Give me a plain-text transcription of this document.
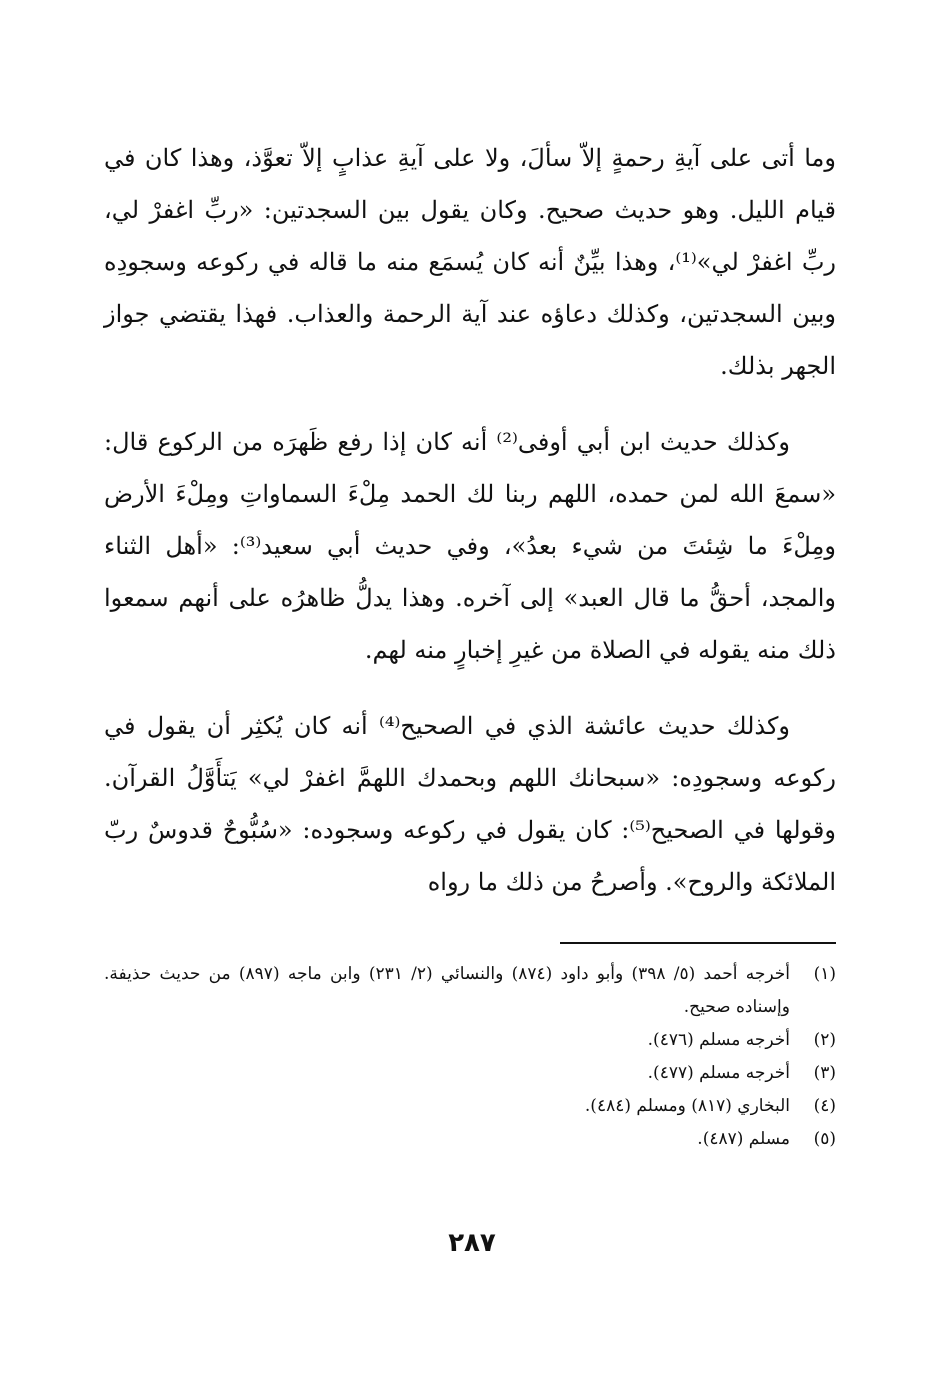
وما أتى على آيةِ رحمةٍ إلاّ سألَ، ولا على آيةِ عذابٍ إلاّ تعوَّذ، وهذا كان في قيام الليل. وهو حديث صحيح. وكان يقول بين السجدتين: «ربِّ اغفرْ لي، ربِّ اغفرْ لي»⁽¹⁾، وهذا بيِّنٌ أنه كان يُسمَع منه ما قاله في ركوعه وسجودِه وبين السجدتين، وكذلك دعاؤه عند آية الرحمة والعذاب. فهذا يقتضي جواز الجهر بذلك.

وكذلك حديث ابن أبي أوفى⁽²⁾ أنه كان إذا رفع ظَهرَه من الركوع قال: «سمعَ الله لمن حمده، اللهم ربنا لك الحمد مِلْءَ السماواتِ ومِلْءَ الأرض ومِلْءَ ما شِئتَ من شيء بعدُ»، وفي حديث أبي سعيد⁽³⁾: «أهل الثناء والمجد، أحقُّ ما قال العبد» إلى آخره. وهذا يدلُّ ظاهرُه على أنهم سمعوا ذلك منه يقوله في الصلاة من غيرِ إخبارٍ منه لهم.

وكذلك حديث عائشة الذي في الصحيح⁽⁴⁾ أنه كان يُكثِر أن يقول في ركوعه وسجودِه: «سبحانك اللهم وبحمدك اللهمَّ اغفرْ لي» يَتأَوَّلُ القرآن. وقولها في الصحيح⁽⁵⁾: كان يقول في ركوعه وسجوده: «سُبُّوحٌ قدوسٌ ربّ الملائكة والروح». وأصرحُ من ذلك ما رواه

(١)
أخرجه أحمد (٥/ ٣٩٨) وأبو داود (٨٧٤) والنسائي (٢/ ٢٣١) وابن ماجه (٨٩٧) من حديث حذيفة. وإسناده صحيح.
(٢)
أخرجه مسلم (٤٧٦).
(٣)
أخرجه مسلم (٤٧٧).
(٤)
البخاري (٨١٧) ومسلم (٤٨٤).
(٥)
مسلم (٤٨٧).
٢٨٧
